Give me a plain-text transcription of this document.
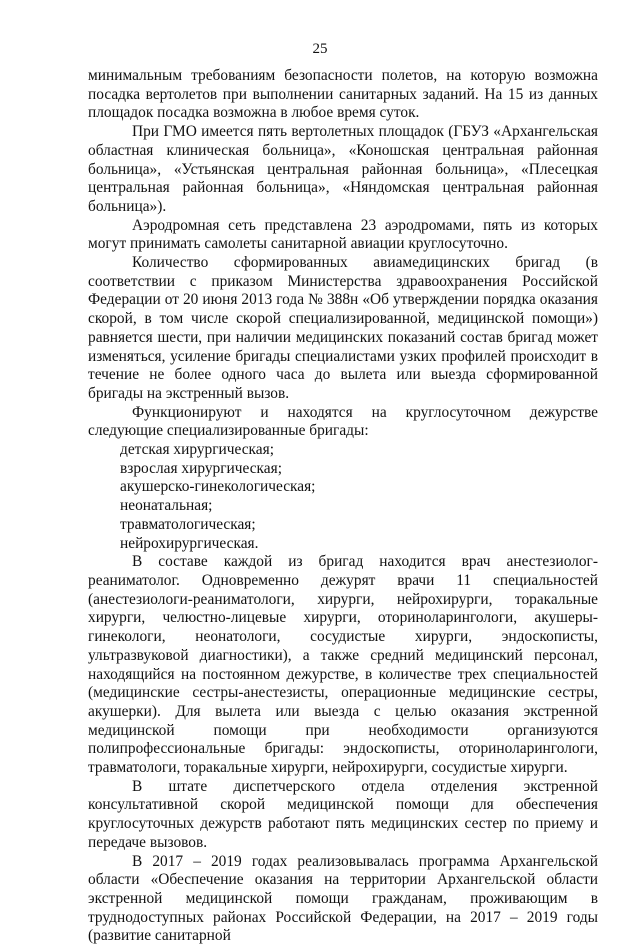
25

минимальным требованиям безопасности полетов, на которую возможна посадка вертолетов при выполнении санитарных заданий. На 15 из данных площадок посадка возможна в любое время суток.

При ГМО имеется пять вертолетных площадок (ГБУЗ «Архангельская областная клиническая больница», «Коношская центральная районная больница», «Устьянская центральная районная больница», «Плесецкая центральная районная больница», «Няндомская центральная районная больница»).

Аэродромная сеть представлена 23 аэродромами, пять из которых могут принимать самолеты санитарной авиации круглосуточно.

Количество сформированных авиамедицинских бригад (в соответствии с приказом Министерства здравоохранения Российской Федерации от 20 июня 2013 года № 388н «Об утверждении порядка оказания скорой, в том числе скорой специализированной, медицинской помощи») равняется шести, при наличии медицинских показаний состав бригад может изменяться, усиление бригады специалистами узких профилей происходит в течение не более одного часа до вылета или выезда сформированной бригады на экстренный вызов.

Функционируют и находятся на круглосуточном дежурстве следующие специализированные бригады:

детская хирургическая;
взрослая хирургическая;
акушерско-гинекологическая;
неонатальная;
травматологическая;
нейрохирургическая.

В составе каждой из бригад находится врач анестезиолог-реаниматолог. Одновременно дежурят врачи 11 специальностей (анестезиологи-реаниматологи, хирурги, нейрохирурги, торакальные хирурги, челюстно-лицевые хирурги, оториноларингологи, акушеры-гинекологи, неонатологи, сосудистые хирурги, эндоскописты, ультразвуковой диагностики), а также средний медицинский персонал, находящийся на постоянном дежурстве, в количестве трех специальностей (медицинские сестры-анестезисты, операционные медицинские сестры, акушерки). Для вылета или выезда с целью оказания экстренной медицинской помощи при необходимости организуются полипрофессиональные бригады: эндоскописты, оториноларингологи, травматологи, торакальные хирурги, нейрохирурги, сосудистые хирурги.

В штате диспетчерского отдела отделения экстренной консультативной скорой медицинской помощи для обеспечения круглосуточных дежурств работают пять медицинских сестер по приему и передаче вызовов.

В 2017 – 2019 годах реализовывалась программа Архангельской области «Обеспечение оказания на территории Архангельской области экстренной медицинской помощи гражданам, проживающим в труднодоступных районах Российской Федерации, на 2017 – 2019 годы (развитие санитарной
